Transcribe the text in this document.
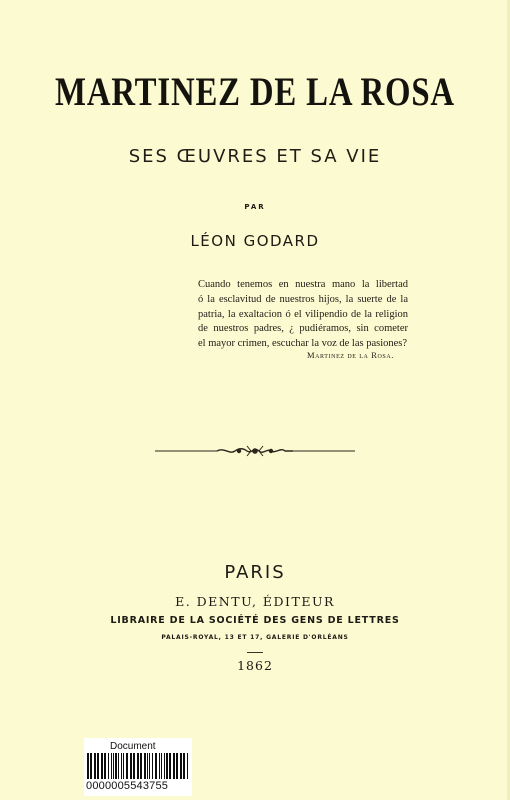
MARTINEZ DE LA ROSA
SES ŒUVRES ET SA VIE
PAR
LÉON GODARD
Cuando tenemos en nuestra mano la libertad
ó la esclavitud de nuestros hijos, la suerte de la
patria, la exaltacion ó el vilipendio de la religion
de nuestros padres, ¿ pudiéramos, sin cometer
el mayor crimen, escuchar la voz de las pasiones?
Martinez de la Rosa.
PARIS
E. DENTU, ÉDITEUR
LIBRAIRE DE LA SOCIÉTÉ DES GENS DE LETTRES
PALAIS-ROYAL, 13 ET 17, GALERIE D'ORLÉANS
1862
Document
0000005543755
